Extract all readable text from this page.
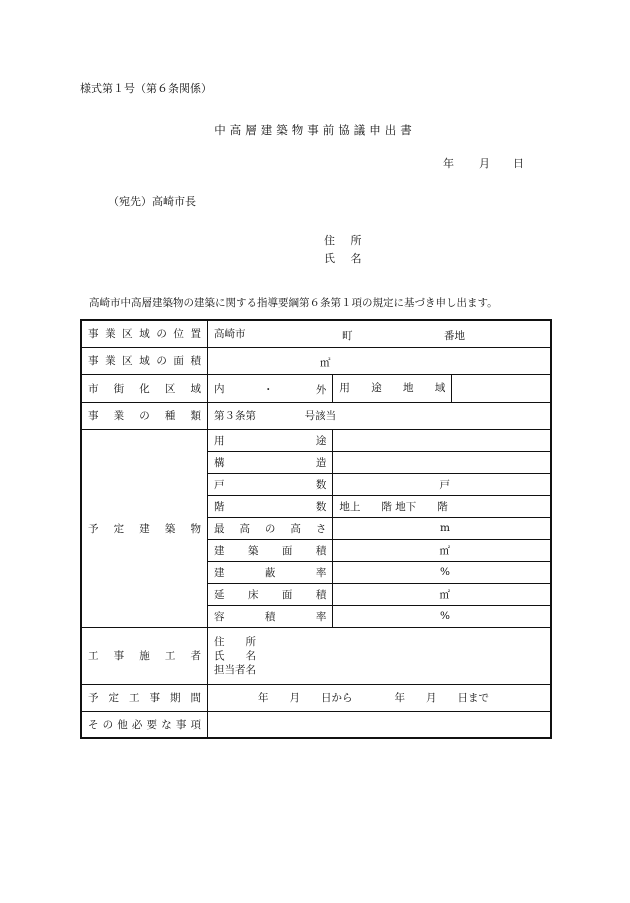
様式第１号（第６条関係）
中高層建築物事前協議申出書
年 月 日
（宛先）高崎市長
住 所
氏 名
高崎市中高層建築物の建築に関する指導要綱第６条第１項の規定に基づき申し出ます。
事業区域の位置	高崎市 町 番地	

事業区域の面積	㎡	

市街化区域	内 ・ 外	用途地域

事業の種類	第３条第 号該当	
予定建築物	用途	
	構造	
	戸数	戸
	階数	地上　　階 地下　　階
	最高の高さ	m
	建築面積	㎡
	建蔽率	%
	延床面積	㎡
	容積率	%
工事施工者	住　　所
氏　　名
担当者名	

予定工事期間	年　　月　　日から　　　　年　　月　　日まで	
その他必要な事項		
